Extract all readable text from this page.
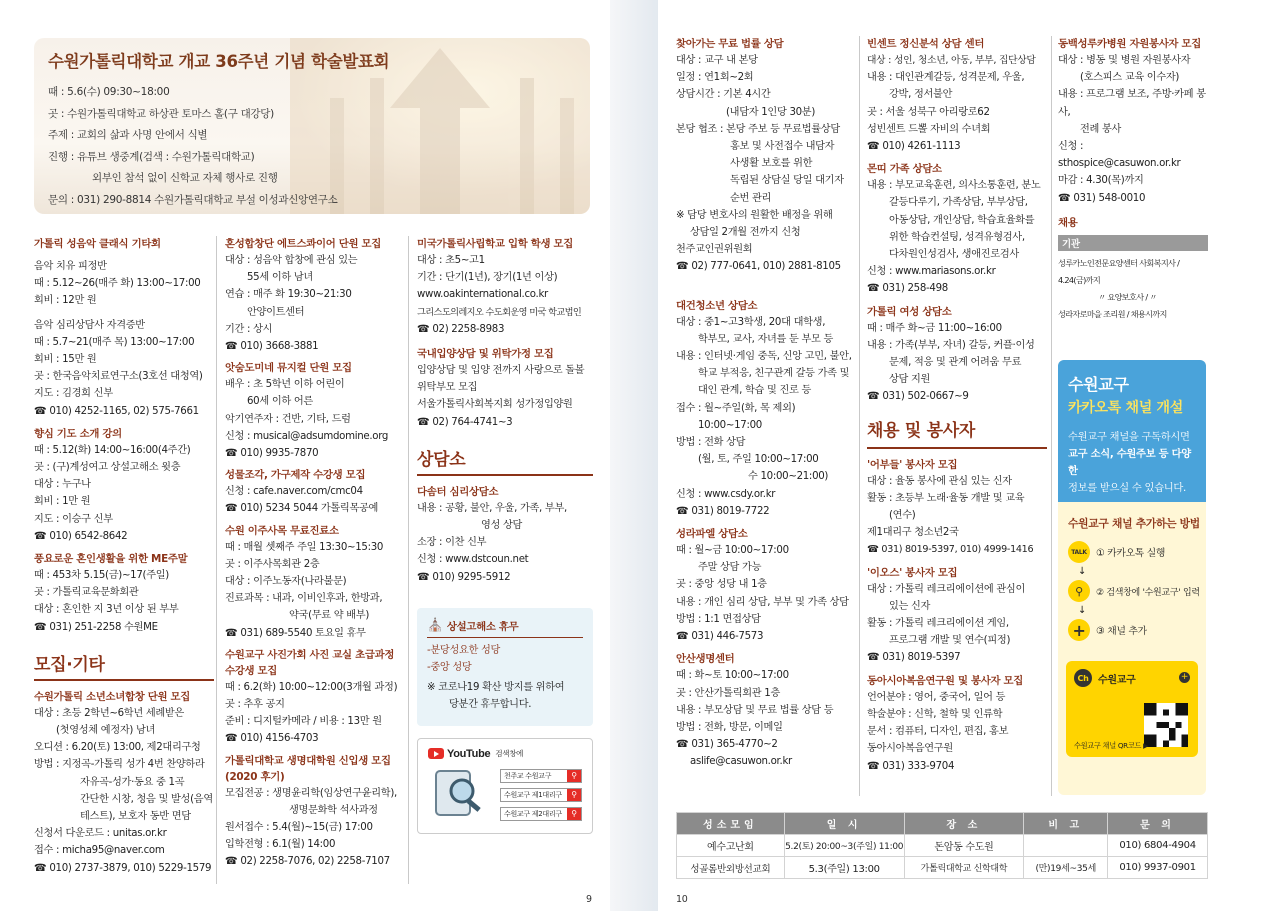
수원가톨릭대학교 개교 36주년 기념 학술발표회
때 : 5.6(수) 09:30~18:00
곳 : 수원가톨릭대학교 하상관 토마스 홀(구 대강당)
주제 : 교회의 삶과 사명 안에서 식별
진행 : 유튜브 생중계(검색 : 수원가톨릭대학교)
외부인 참석 없이 신학교 자체 행사로 진행
문의 : 031) 290-8814 수원가톨릭대학교 부설 이성과신앙연구소
가톨릭 성음악 클래식 기타회
음악 치유 피정반
때 : 5.12~26(매주 화) 13:00~17:00
회비 : 12만 원
음악 심리상담사 자격증반
때 : 5.7~21(매주 목) 13:00~17:00
회비 : 15만 원
곳 : 한국음악치료연구소(3호선 대청역)
지도 : 김경희 신부
☎ 010) 4252-1165, 02) 575-7661
향심 기도 소개 강의
때 : 5.12(화) 14:00~16:00(4주간)
곳 : (구)계성여고 상설고해소 윗층
대상 : 누구나
회비 : 1만 원
지도 : 이승구 신부
☎ 010) 6542-8642
풍요로운 혼인생활을 위한 ME주말
때 : 453차 5.15(금)~17(주일)
곳 : 가톨릭교육문화회관
대상 : 혼인한 지 3년 이상 된 부부
☎ 031) 251-2258 수원ME
모집·기타
수원가톨릭 소년소녀합창 단원 모집
대상 : 초등 2학년~6학년 세례받은
(첫영성체 예정자) 남녀
오디션 : 6.20(토) 13:00, 제2대리구청
방법 : 지정곡-가톨릭 성가 4번 찬양하라
자유곡-성가·동요 중 1곡
간단한 시창, 청음 및 발성(음역
테스트), 보호자 동반 면담
신청서 다운로드 : unitas.or.kr
접수 : micha95@naver.com
☎ 010) 2737-3879, 010) 5229-1579
혼성합창단 에트스콰이어 단원 모집
대상 : 성음악 합창에 관심 있는
55세 이하 남녀
연습 : 매주 화 19:30~21:30
안양이트센터
기간 : 상시
☎ 010) 3668-3881
앗숨도미네 뮤지컬 단원 모집
배우 : 초 5학년 이하 어린이
60세 이하 어른
악기연주자 : 건반, 기타, 드럼
신청 : musical@adsumdomine.org
☎ 010) 9935-7870
성물조각, 가구제작 수강생 모집
신청 : cafe.naver.com/cmc04
☎ 010) 5234 5044 가톨릭목공예
수원 이주사목 무료진료소
때 : 매월 셋째주 주일 13:30~15:30
곳 : 이주사목회관 2층
대상 : 이주노동자(나라불문)
진료과목 : 내과, 이비인후과, 한방과,
약국(무료 약 배부)
☎ 031) 689-5540 토요일 휴무
수원교구 사진가회 사진 교실 초급과정 수강생 모집
때 : 6.2(화) 10:00~12:00(3개월 과정)
곳 : 추후 공지
준비 : 디지털카메라 / 비용 : 13만 원
☎ 010) 4156-4703
가톨릭대학교 생명대학원 신입생 모집 (2020 후기)
모집전공 : 생명윤리학(임상연구윤리학),
생명문화학 석사과정
원서접수 : 5.4(월)~15(금) 17:00
입학전형 : 6.1(월) 14:00
☎ 02) 2258-7076, 02) 2258-7107
미국가톨릭사립학교 입학 학생 모집
대상 : 초5~고1
기간 : 단기(1년), 장기(1년 이상)
www.oakinternational.co.kr
그리스도의레지오 수도회운영 미국 학교법인
☎ 02) 2258-8983
국내입양상담 및 위탁가정 모집
입양상담 및 입양 전까지 사랑으로 돌볼
위탁부모 모집
서울가톨릭사회복지회 성가정입양원
☎ 02) 764-4741~3
상담소
다솜터 심리상담소
내용 : 공황, 불안, 우울, 가족, 부부,
영성 상담
소장 : 이찬 신부
신청 : www.dstcoun.net
☎ 010) 9295-5912
⛪ 상설고해소 휴무
-분당성요한 성당
-중앙 성당
※ 코로나19 확산 방지를 위하여
당분간 휴무합니다.
YouTube 검색창에
천주교 수원교구	⚲
수원교구 제1대리구	⚲
수원교구 제2대리구	⚲
9
찾아가는 무료 법률 상담
대상 : 교구 내 본당
일정 : 연1회~2회
상담시간 : 기본 4시간
(내담자 1인당 30분)
본당 협조 : 본당 주보 등 무료법률상담
홍보 및 사전접수 내담자
사생활 보호를 위한
독립된 상담실 당일 대기자
순번 관리
※ 담당 변호사의 원활한 배정을 위해
상담일 2개월 전까지 신청
천주교인권위원회
☎ 02) 777-0641, 010) 2881-8105
대건청소년 상담소
대상 : 중1~고3학생, 20대 대학생,
학부모, 교사, 자녀를 둔 부모 등
내용 : 인터넷·게임 중독, 신앙 고민, 불안,
학교 부적응, 친구관계 갈등 가족 및
대인 관계, 학습 및 진로 등
접수 : 월~주일(화, 목 제외)
10:00~17:00
방법 : 전화 상담
(월, 토, 주일 10:00~17:00
수 10:00~21:00)
신청 : www.csdy.or.kr
☎ 031) 8019-7722
성라파엘 상담소
때 : 월~금 10:00~17:00
주말 상담 가능
곳 : 중앙 성당 내 1층
내용 : 개인 심리 상담, 부부 및 가족 상담
방법 : 1:1 면접상담
☎ 031) 446-7573
안산생명센터
때 : 화~토 10:00~17:00
곳 : 안산가톨릭회관 1층
내용 : 부모상담 및 무료 법률 상담 등
방법 : 전화, 방문, 이메일
☎ 031) 365-4770~2
aslife@casuwon.or.kr
빈센트 정신분석 상담 센터
대상 : 성인, 청소년, 아동, 부부, 집단상담
내용 : 대인관계갈등, 성격문제, 우울,
강박, 정서불안
곳 : 서울 성북구 아리랑로62
성빈센트 드뽈 자비의 수녀회
☎ 010) 4261-1113
몬띠 가족 상담소
내용 : 부모교육훈련, 의사소통훈련, 분노
갈등다루기, 가족상담, 부부상담,
아동상담, 개인상담, 학습효율화를
위한 학습컨설팅, 성격유형검사,
다차원인성검사, 생애진로검사
신청 : www.mariasons.or.kr
☎ 031) 258-498
가톨릭 여성 상담소
때 : 매주 화~금 11:00~16:00
내용 : 가족(부부, 자녀) 갈등, 커플·이성
문제, 적응 및 관계 어려움 무료
상담 지원
☎ 031) 502-0667~9
채용 및 봉사자
'어부들' 봉사자 모집
대상 : 율동 봉사에 관심 있는 신자
활동 : 초등부 노래·율동 개발 및 교육
(연수)
제1대리구 청소년2국
☎ 031) 8019-5397, 010) 4999-1416
'이오스' 봉사자 모집
대상 : 가톨릭 레크리에이션에 관심이
있는 신자
활동 : 가톨릭 레크리에이션 게임,
프로그램 개발 및 연수(피정)
☎ 031) 8019-5397
동아시아복음연구원 및 봉사자 모집
언어분야 : 영어, 중국어, 일어 등
학술분야 : 신학, 철학 및 인류학
문서 : 컴퓨터, 디자인, 편집, 홍보
동아시아복음연구원
☎ 031) 333-9704
동백성루카병원 자원봉사자 모집
대상 : 병동 및 병원 자원봉사자
(호스피스 교육 이수자)
내용 : 프로그램 보조, 주방·카페 봉사,
전례 봉사
신청 : sthospice@casuwon.or.kr
마감 : 4.30(목)까지
☎ 031) 548-0010
채용
기관
성루카노인전문요양센터 사회복지사 / 4.24(금)까지
〃 요양보호사 / 〃
성라자로마을 조리원 / 채용시까지
수원교구
카카오톡 채널 개설
수원교구 채널을 구독하시면
교구 소식, 수원주보 등 다양한
정보를 받으실 수 있습니다.
수원교구 채널 추가하는 방법
TALK ① 카카오톡 실행
↓
⚲	② 검색창에 '수원교구' 입력
↓
+	③ 채널 추가
Ch 수원교구	+
수원교구 채널 QR코드 ▶
성소모임	일 시	장 소	비 고	문 의
예수고난회	5.2(토) 20:00~3(주일) 11:00	돈암동 수도원		010) 6804-4904
성골롬반외방선교회	5.3(주일) 13:00	가톨릭대학교 신학대학	(만)19세~35세	010) 9937-0901
10
